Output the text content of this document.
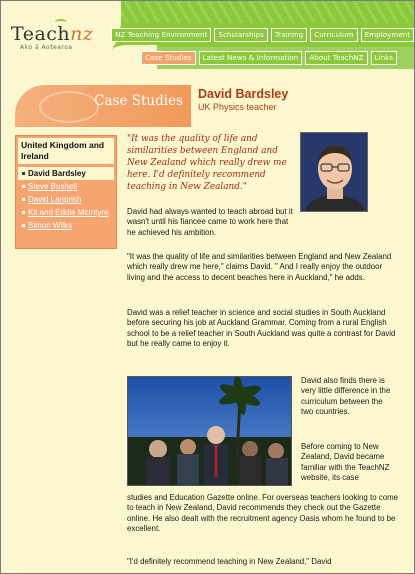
Teachnz
Ako ā Aotearoa
NZ Teaching Environment	Scholarships	Training	Curriculum	Employment
Case Studies	Latest News & Information	About TeachNZ	Links
Case Studies David Bardsley
UK Physics teacher
United Kingdom and Ireland
David Bardsley
Steve Bushell
David Langrish
Kit and Eddie McIntyre
Simon Wilks
"It was the quality of life and similarities between England and New Zealand which really drew me here. I'd definitely recommend teaching in New Zealand."
David had always wanted to teach abroad but it wasn't until his fiancee came to work here that he achieved his ambition.
"It was the quality of life and similarities between England and New Zealand which really drew me here," claims David. " And I really enjoy the outdoor living and the access to decent beaches here in Auckland," he adds.
David was a relief teacher in science and social studies in South Auckland before securing his job at Auckland Grammar. Coming from a rural English school to be a relief teacher in South Auckland was quite a contrast for David but he really came to enjoy it.
David also finds there is very little difference in the curriculum between the two countries.
Before coming to New Zealand, David became familiar with the TeachNZ website, its case
studies and Education Gazette online. For overseas teachers looking to come to teach in New Zealand, David recommends they check out the Gazette online. He also dealt with the recruitment agency Oasis whom he found to be excellent.
"I'd definitely recommend teaching in New Zealand," David
